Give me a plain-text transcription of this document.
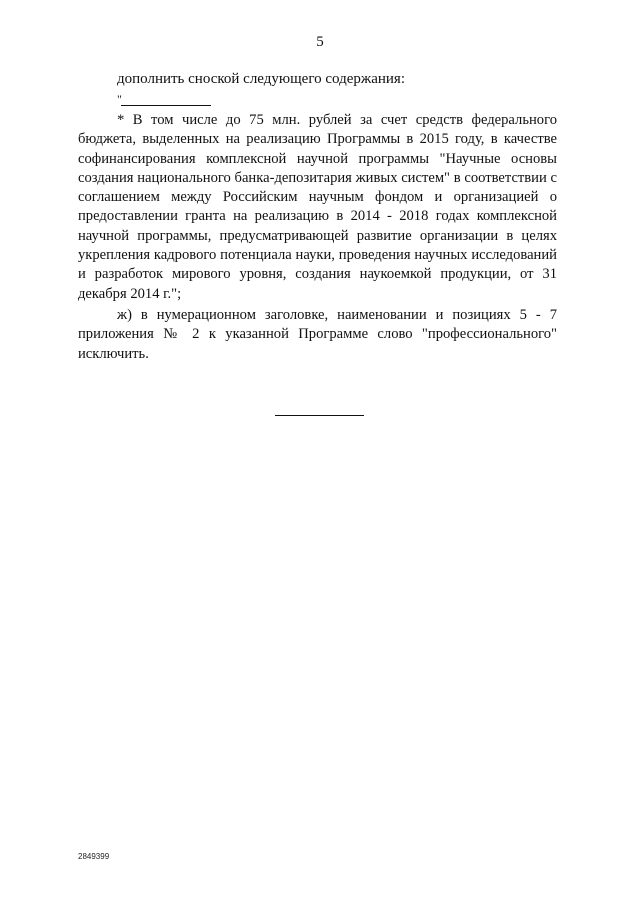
5
дополнить сноской следующего содержания:
"

* В том числе до 75 млн. рублей за счет средств федерального бюджета, выделенных на реализацию Программы в 2015 году, в качестве софинансирования комплексной научной программы "Научные основы создания национального банка-депозитария живых систем" в соответствии с соглашением между Российским научным фондом и организацией о предоставлении гранта на реализацию в 2014 - 2018 годах комплексной научной программы, предусматривающей развитие организации в целях укрепления кадрового потенциала науки, проведения научных исследований и разработок мирового уровня, создания наукоемкой продукции, от 31 декабря 2014 г.";

ж) в нумерационном заголовке, наименовании и позициях 5 - 7 приложения № 2 к указанной Программе слово "профессионального" исключить.

2849399
